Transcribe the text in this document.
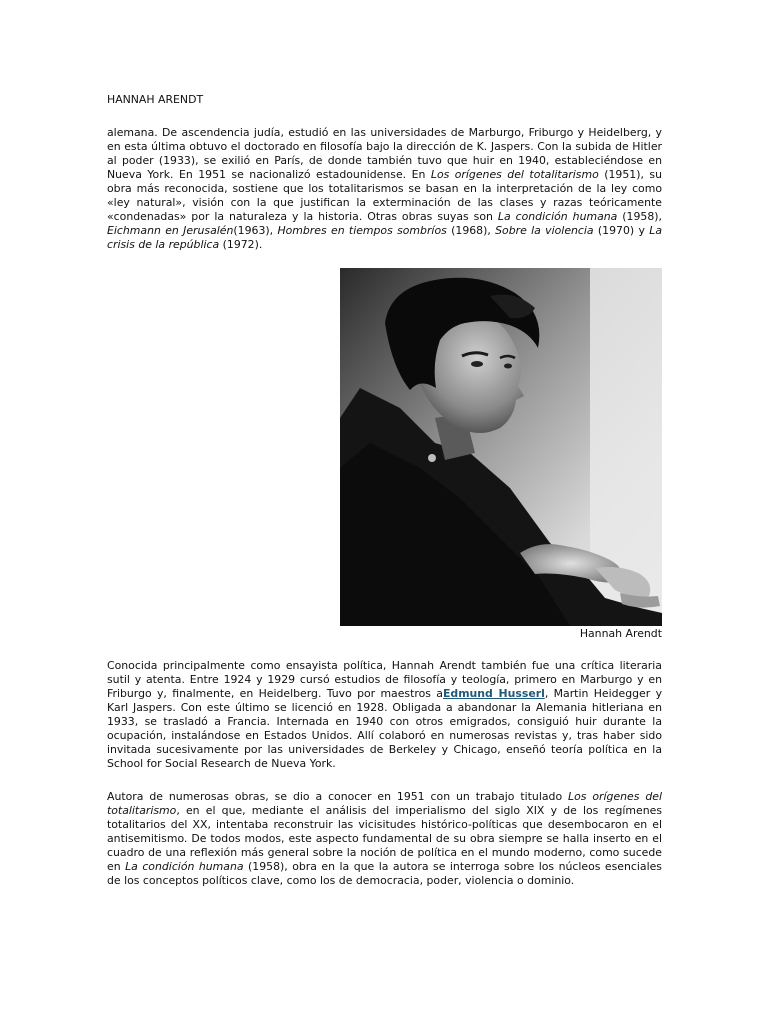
HANNAH ARENDT

alemana. De ascendencia judía, estudió en las universidades de Marburgo, Friburgo y Heidelberg, y en esta última obtuvo el doctorado en filosofía bajo la dirección de K. Jaspers. Con la subida de Hitler al poder (1933), se exilió en París, de donde también tuvo que huir en 1940, estableciéndose en Nueva York. En 1951 se nacionalizó estadounidense. En Los orígenes del totalitarismo (1951), su obra más reconocida, sostiene que los totalitarismos se basan en la interpretación de la ley como «ley natural», visión con la que justifican la exterminación de las clases y razas teóricamente «condenadas» por la naturaleza y la historia. Otras obras suyas son La condición humana (1958), Eichmann en Jerusalén(1963), Hombres en tiempos sombríos (1968), Sobre la violencia (1970) y La crisis de la república (1972).

Hannah Arendt

Conocida principalmente como ensayista política, Hannah Arendt también fue una crítica literaria sutil y atenta. Entre 1924 y 1929 cursó estudios de filosofía y teología, primero en Marburgo y en Friburgo y, finalmente, en Heidelberg. Tuvo por maestros aEdmund Husserl, Martin Heidegger y Karl Jaspers. Con este último se licenció en 1928. Obligada a abandonar la Alemania hitleriana en 1933, se trasladó a Francia. Internada en 1940 con otros emigrados, consiguió huir durante la ocupación, instalándose en Estados Unidos. Allí colaboró en numerosas revistas y, tras haber sido invitada sucesivamente por las universidades de Berkeley y Chicago, enseñó teoría política en la School for Social Research de Nueva York.

Autora de numerosas obras, se dio a conocer en 1951 con un trabajo titulado Los orígenes del totalitarismo, en el que, mediante el análisis del imperialismo del siglo XIX y de los regímenes totalitarios del XX, intentaba reconstruir las vicisitudes histórico-políticas que desembocaron en el antisemitismo. De todos modos, este aspecto fundamental de su obra siempre se halla inserto en el cuadro de una reflexión más general sobre la noción de política en el mundo moderno, como sucede en La condición humana (1958), obra en la que la autora se interroga sobre los núcleos esenciales de los conceptos políticos clave, como los de democracia, poder, violencia o dominio.
